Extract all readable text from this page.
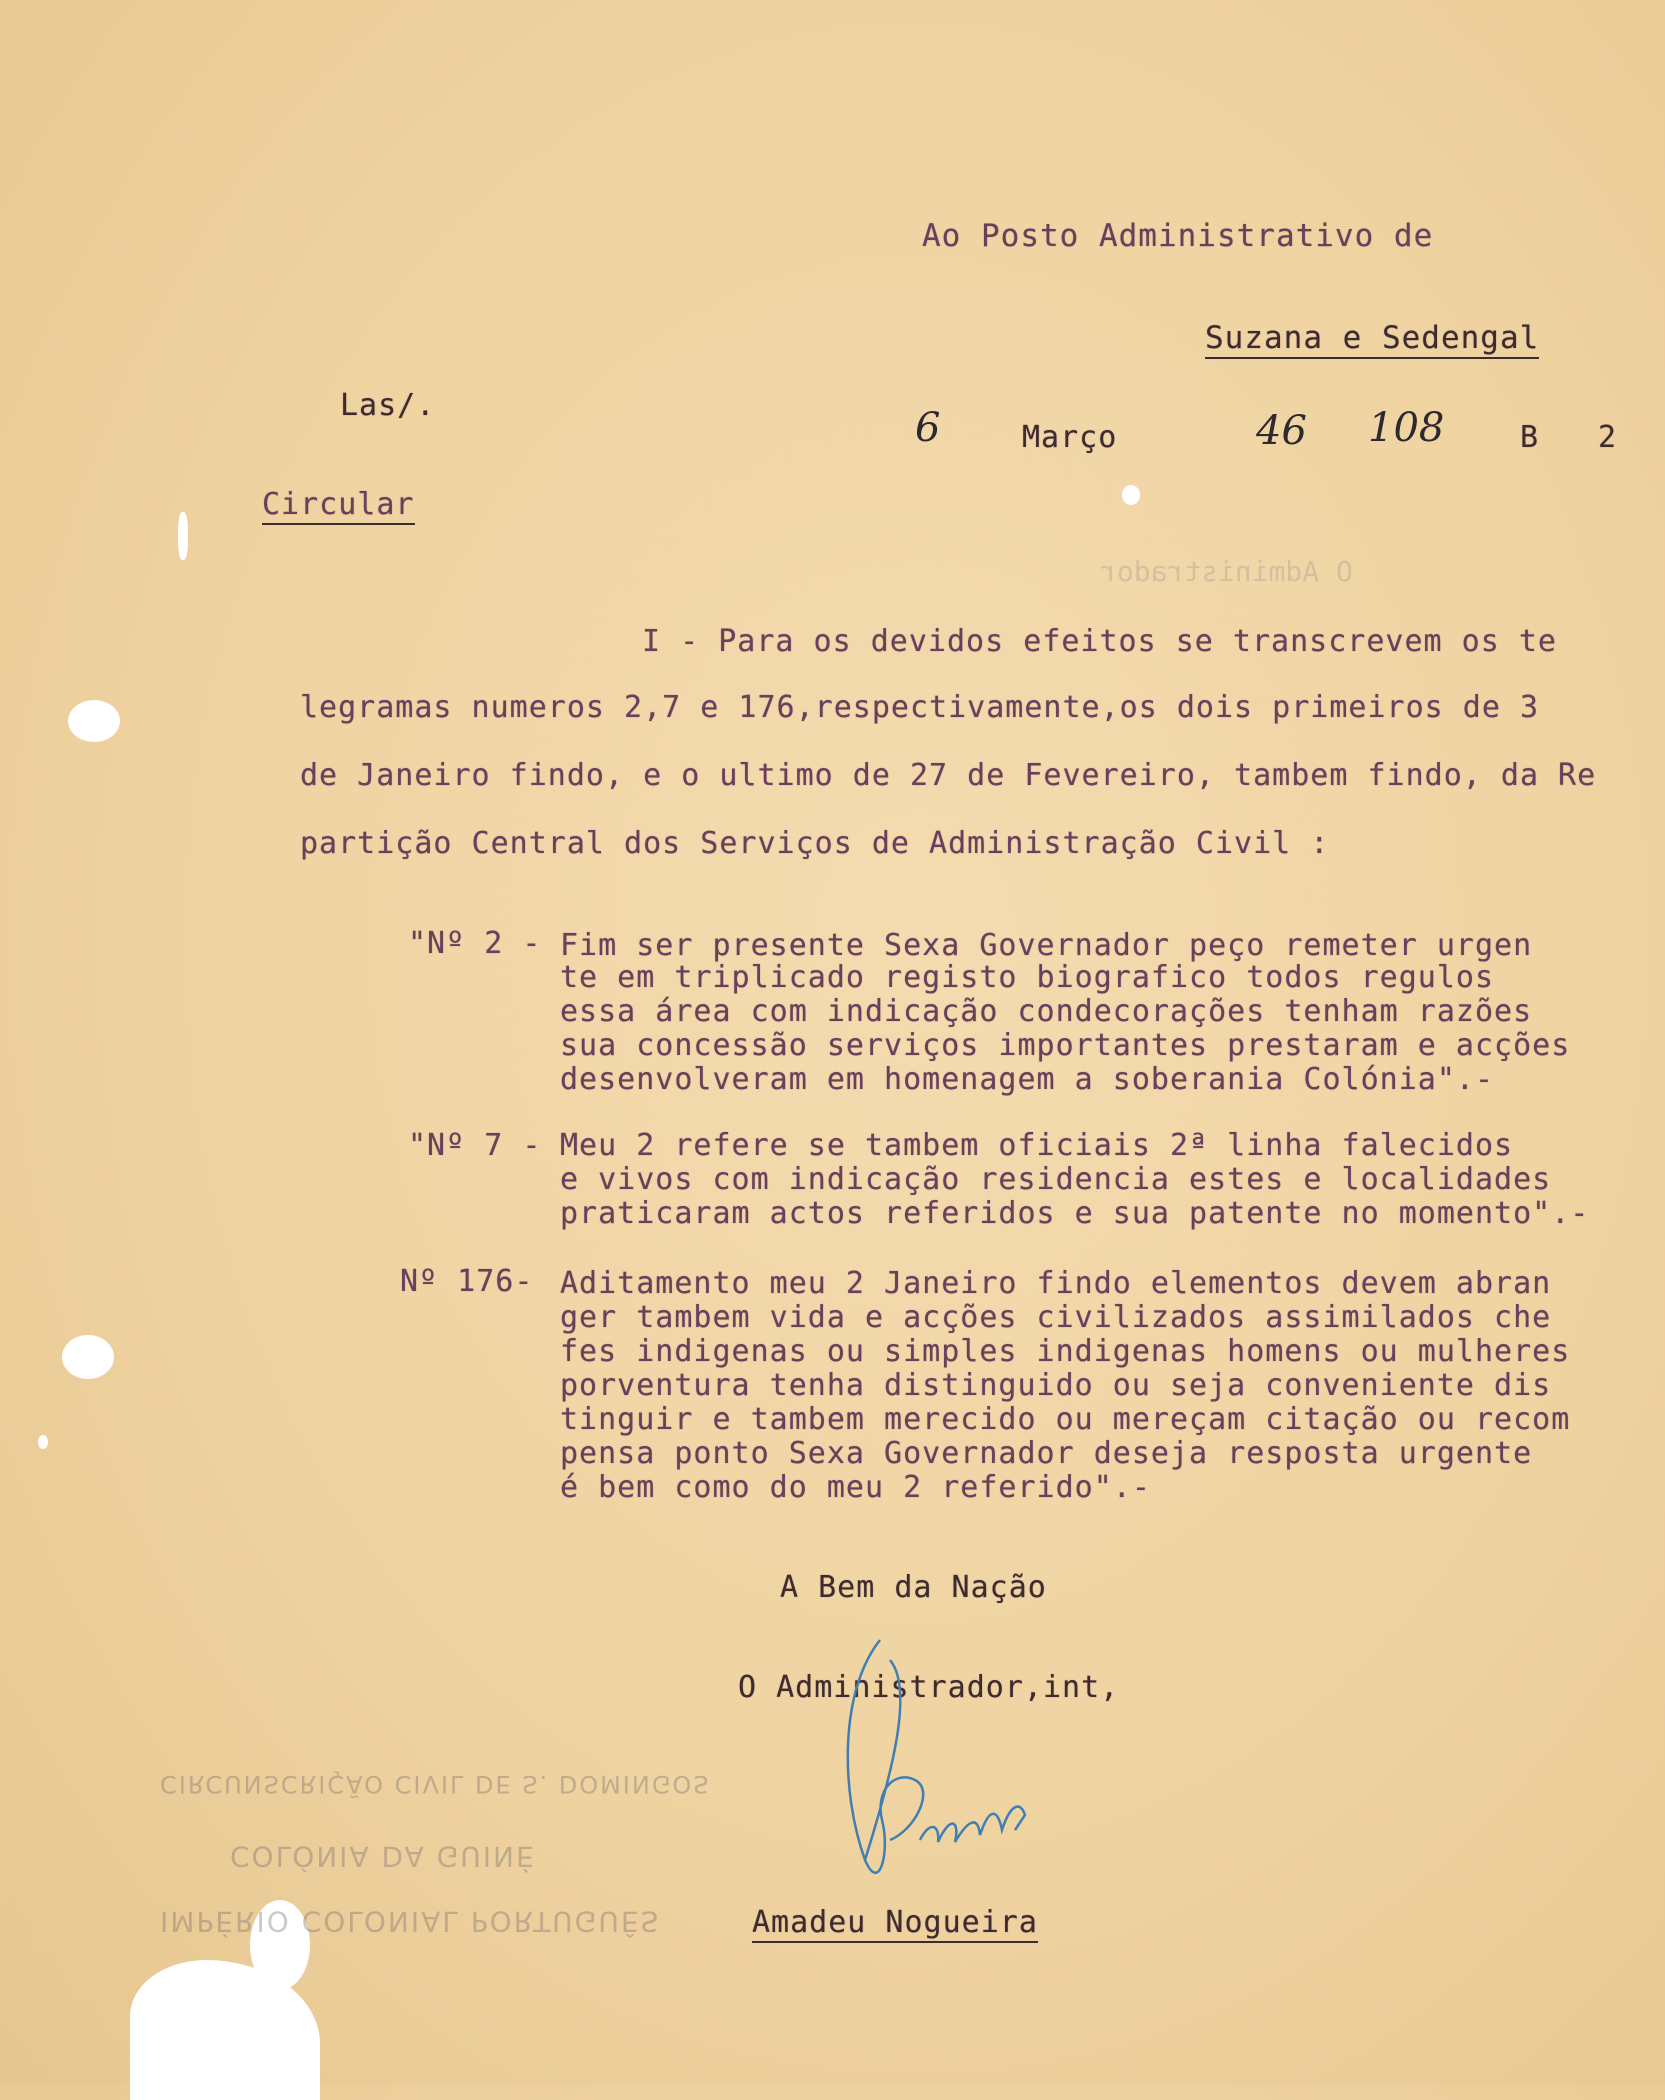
O Administrador
Ao Posto Administrativo de
Suzana e Sedengal
Las/.	6	Março	46 108	B 2
Circular
I - Para os devidos efeitos se transcrevem os te
legramas numeros 2,7 e 176,respectivamente,os dois primeiros de 3
de Janeiro findo, e o ultimo de 27 de Fevereiro, tambem findo, da Re
partição Central dos Serviços de Administração Civil :
"Nº 2 - Fim ser presente Sexa Governador peço remeter urgen
te em triplicado registo biografico todos regulos
essa área com indicação condecorações tenham razões
sua concessão serviços importantes prestaram e acções
desenvolveram em homenagem a soberania Colónia".-
"Nº 7 - Meu 2 refere se tambem oficiais 2ª linha falecidos
e vivos com indicação residencia estes e localidades
praticaram actos referidos e sua patente no momento".-
Nº 176- Aditamento meu 2 Janeiro findo elementos devem abran
ger tambem vida e acções civilizados assimilados che
fes indigenas ou simples indigenas homens ou mulheres
porventura tenha distinguido ou seja conveniente dis
tinguir e tambem merecido ou mereçam citação ou recom
pensa ponto Sexa Governador deseja resposta urgente
é bem como do meu 2 referido".-
A Bem da Nação
O Administrador,int,
Amadeu Nogueira
CIRCUNSCRIÇÃO CIVIL DE S. DOMINGOS
COLÓNIA DA GUINÉ
IMPÉRIO COLONIAL PORTUGUÊS
